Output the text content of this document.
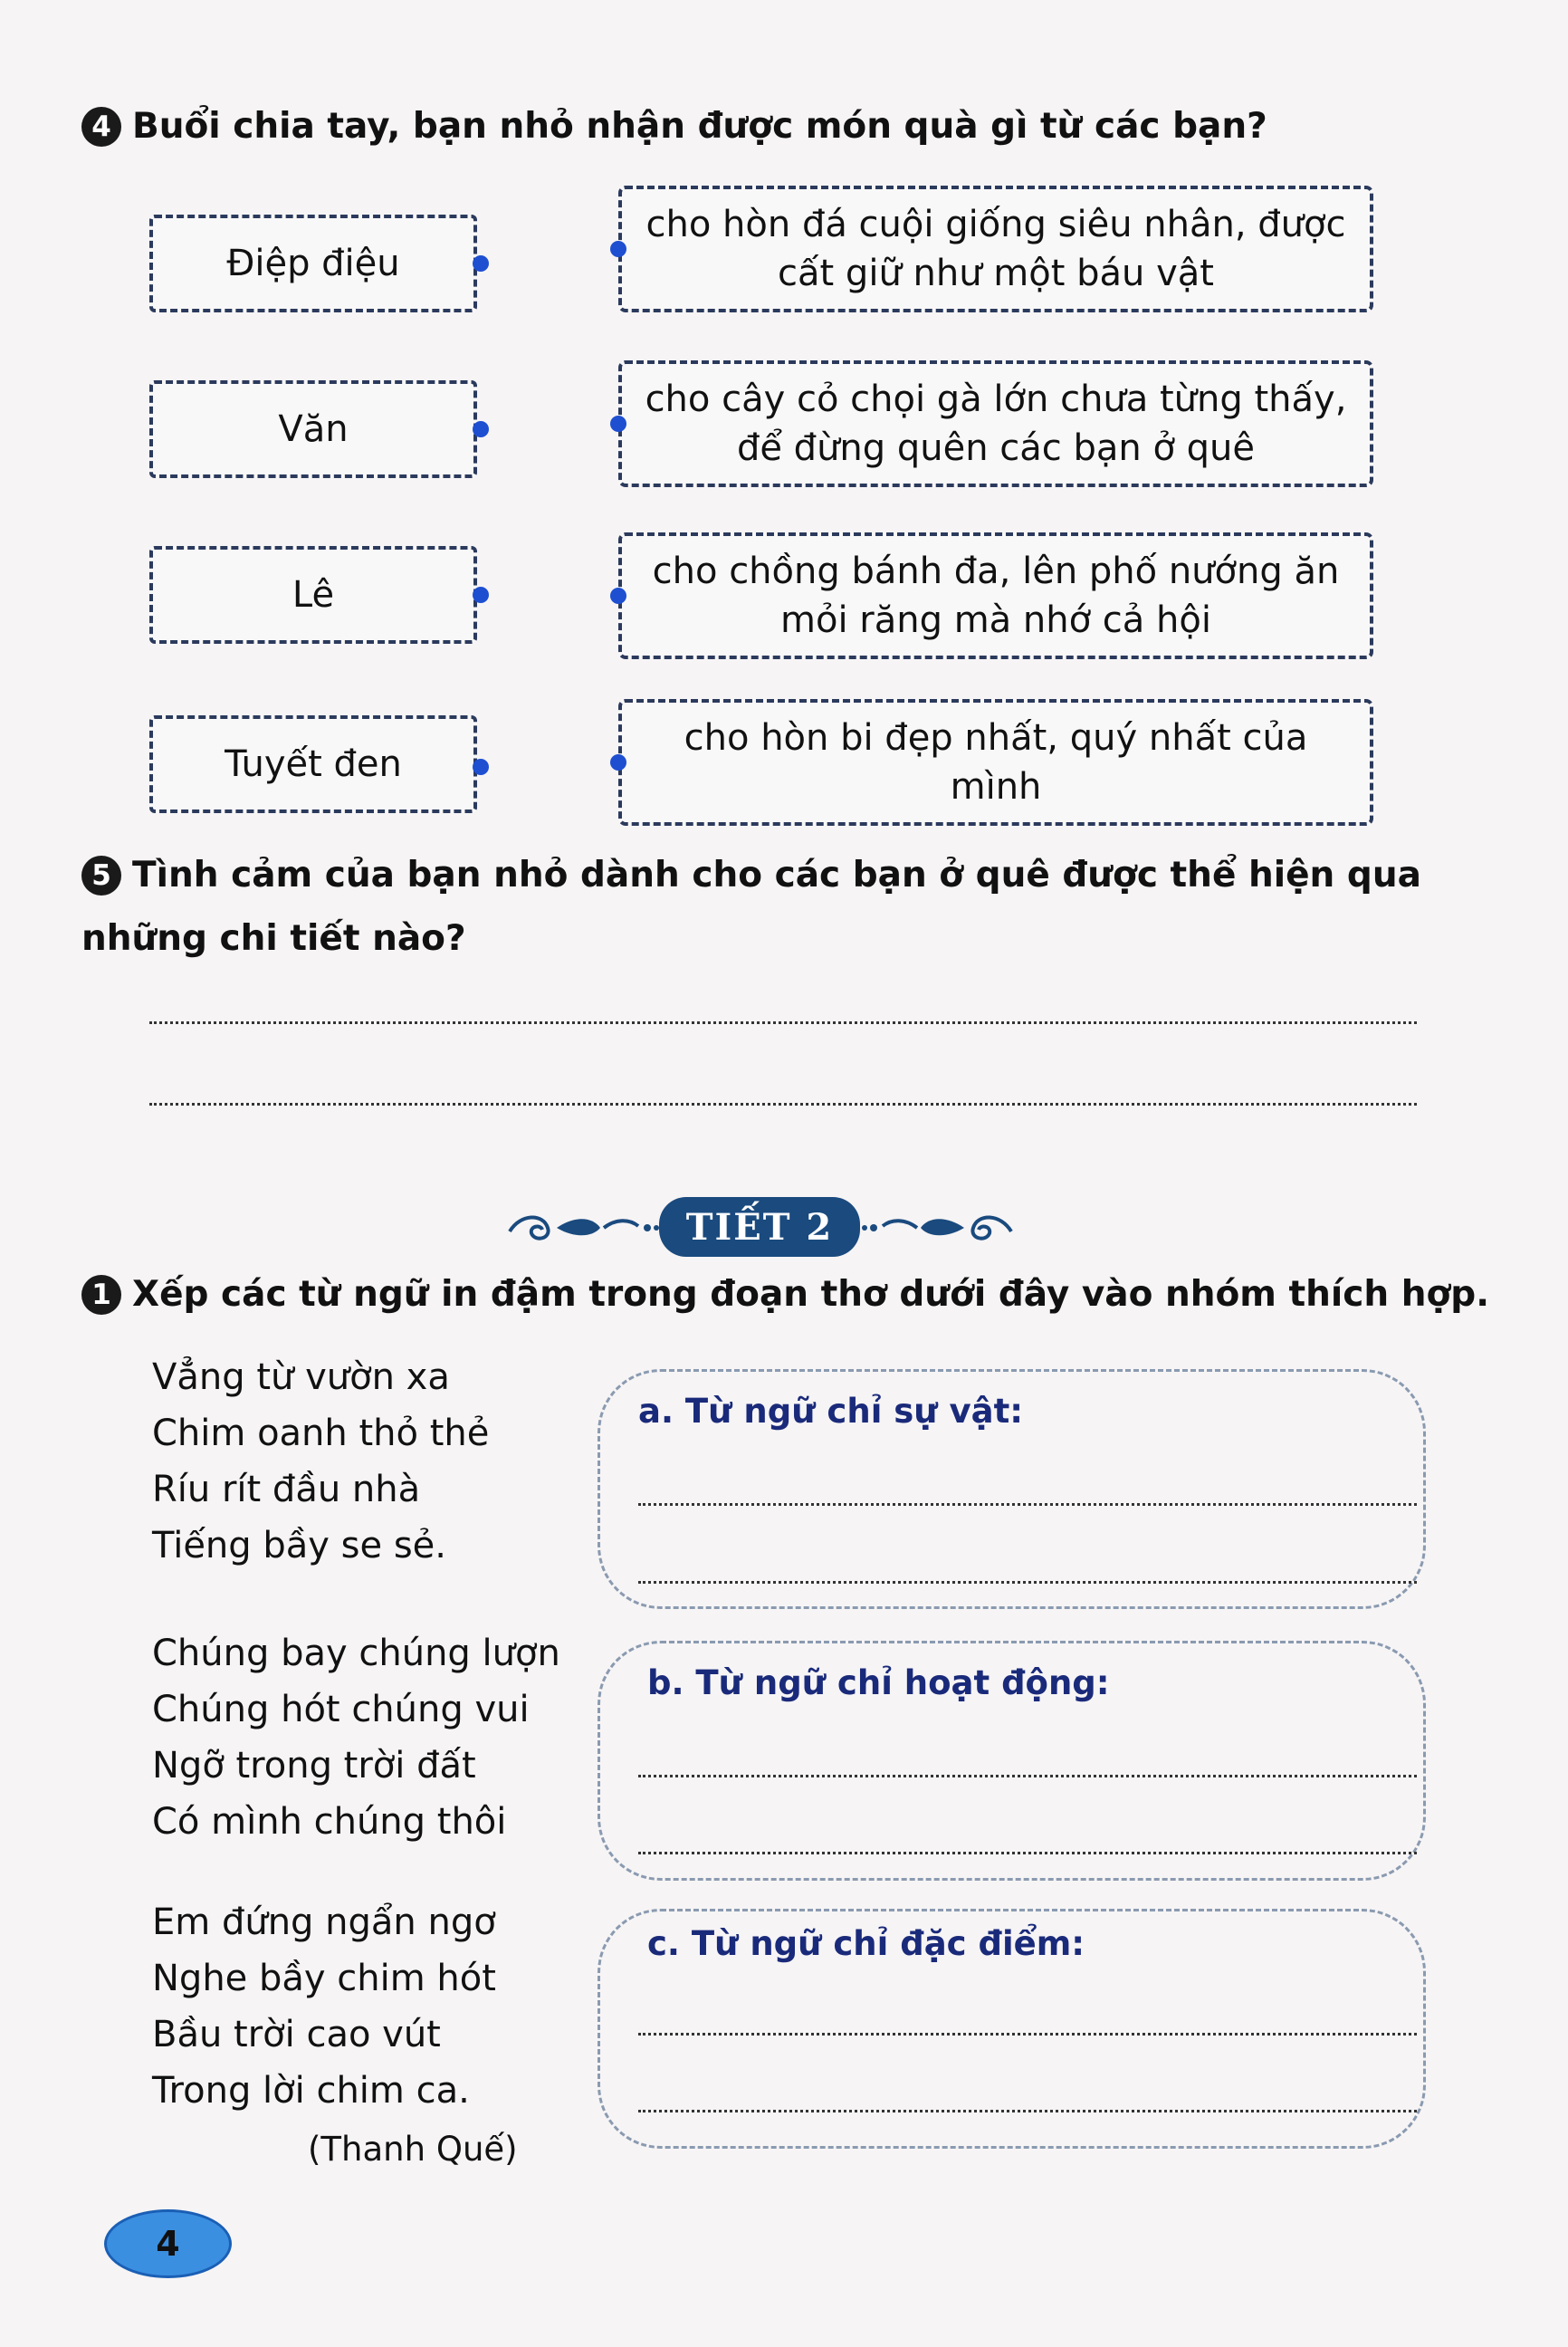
4 Buổi chia tay, bạn nhỏ nhận được món quà gì từ các bạn?
Điệp điệu
Văn
Lê
Tuyết đen
cho hòn đá cuội giống siêu nhân, được cất giữ như một báu vật
cho cây cỏ chọi gà lớn chưa từng thấy, để đừng quên các bạn ở quê
cho chồng bánh đa, lên phố nướng ăn mỏi răng mà nhớ cả hội
cho hòn bi đẹp nhất, quý nhất của mình
5 Tình cảm của bạn nhỏ dành cho các bạn ở quê được thể hiện qua những chi tiết nào?
TIẾT 2
1 Xếp các từ ngữ in đậm trong đoạn thơ dưới đây vào nhóm thích hợp.
Vẳng từ vườn xa
Chim oanh thỏ thẻ
Ríu rít đầu nhà
Tiếng bầy se sẻ.
Chúng bay chúng lượn
Chúng hót chúng vui
Ngỡ trong trời đất
Có mình chúng thôi
Em đứng ngẩn ngơ
Nghe bầy chim hót
Bầu trời cao vút
Trong lời chim ca.
(Thanh Quế)
a. Từ ngữ chỉ sự vật:
b. Từ ngữ chỉ hoạt động:
c. Từ ngữ chỉ đặc điểm:
4
